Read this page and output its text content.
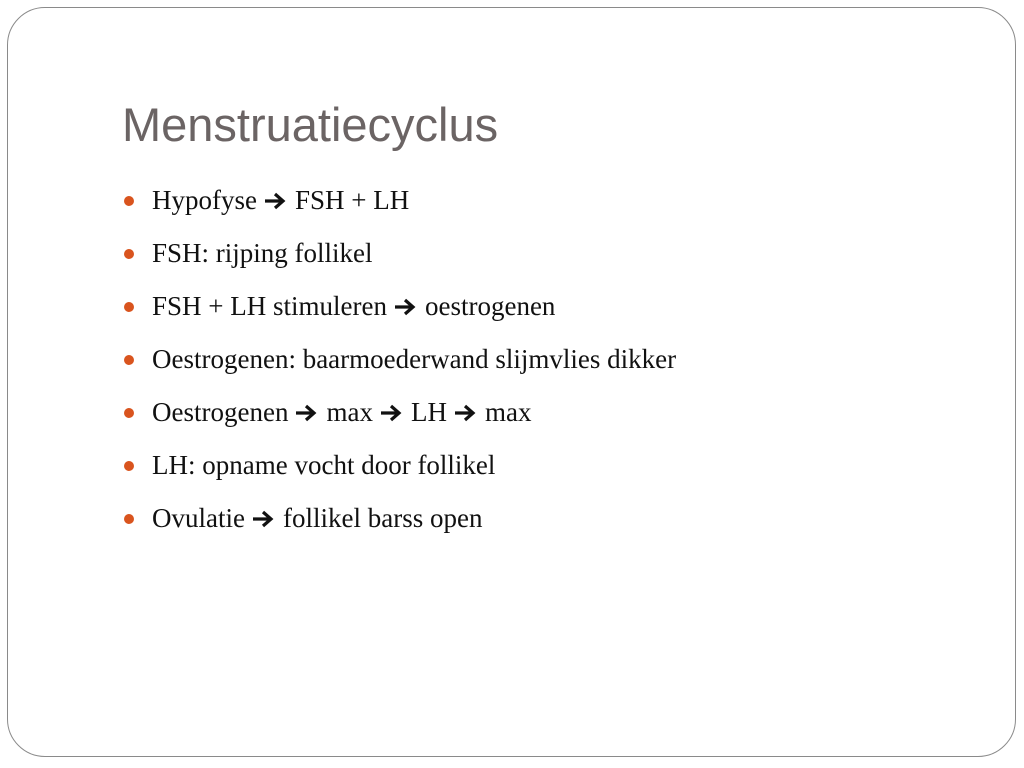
Menstruatiecyclus
Hypofyse FSH + LH
FSH: rijping follikel
FSH + LH stimuleren oestrogenen
Oestrogenen: baarmoederwand slijmvlies dikker
Oestrogenen max LH max
LH: opname vocht door follikel
Ovulatie follikel barss open
